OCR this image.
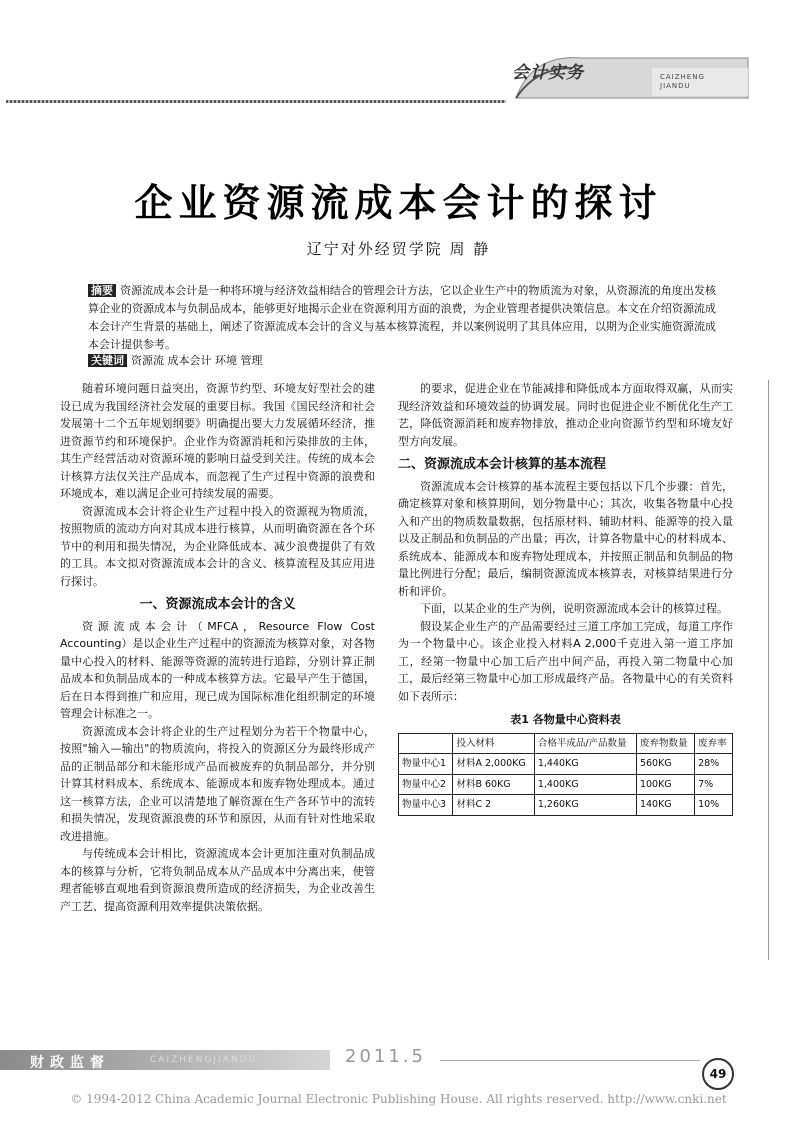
会计实务	CAIZHENG
JIANDU
企业资源流成本会计的探讨
辽宁对外经贸学院 周 静
摘要 资源流成本会计是一种将环境与经济效益相结合的管理会计方法，它以企业生产中的物质流为对象，从资源流的角度出发核算企业的资源成本与负制品成本，能够更好地揭示企业在资源利用方面的浪费，为企业管理者提供决策信息。本文在介绍资源流成本会计产生背景的基础上，阐述了资源流成本会计的含义与基本核算流程，并以案例说明了其具体应用，以期为企业实施资源流成本会计提供参考。
关键词 资源流 成本会计 环境 管理

随着环境问题日益突出，资源节约型、环境友好型社会的建设已成为我国经济社会发展的重要目标。我国《国民经济和社会发展第十二个五年规划纲要》明确提出要大力发展循环经济，推进资源节约和环境保护。企业作为资源消耗和污染排放的主体，其生产经营活动对资源环境的影响日益受到关注。传统的成本会计核算方法仅关注产品成本，而忽视了生产过程中资源的浪费和环境成本，难以满足企业可持续发展的需要。

资源流成本会计将企业生产过程中投入的资源视为物质流，按照物质的流动方向对其成本进行核算，从而明确资源在各个环节中的利用和损失情况，为企业降低成本、减少浪费提供了有效的工具。本文拟对资源流成本会计的含义、核算流程及其应用进行探讨。

一、资源流成本会计的含义

资源流成本会计（MFCA，Resource Flow Cost Accounting）是以企业生产过程中的资源流为核算对象，对各物量中心投入的材料、能源等资源的流转进行追踪，分别计算正制品成本和负制品成本的一种成本核算方法。它最早产生于德国，后在日本得到推广和应用，现已成为国际标准化组织制定的环境管理会计标准之一。

资源流成本会计将企业的生产过程划分为若干个物量中心，按照"输入—输出"的物质流向，将投入的资源区分为最终形成产品的正制品部分和未能形成产品而被废弃的负制品部分，并分别计算其材料成本、系统成本、能源成本和废弃物处理成本。通过这一核算方法，企业可以清楚地了解资源在生产各环节中的流转和损失情况，发现资源浪费的环节和原因，从而有针对性地采取改进措施。

与传统成本会计相比，资源流成本会计更加注重对负制品成本的核算与分析，它将负制品成本从产品成本中分离出来，使管理者能够直观地看到资源浪费所造成的经济损失，为企业改善生产工艺、提高资源利用效率提供决策依据。

的要求，促进企业在节能减排和降低成本方面取得双赢，从而实现经济效益和环境效益的协调发展。同时也促进企业不断优化生产工艺，降低资源消耗和废弃物排放，推动企业向资源节约型和环境友好型方向发展。

二、资源流成本会计核算的基本流程

资源流成本会计核算的基本流程主要包括以下几个步骤：首先，确定核算对象和核算期间，划分物量中心；其次，收集各物量中心投入和产出的物质数量数据，包括原材料、辅助材料、能源等的投入量以及正制品和负制品的产出量；再次，计算各物量中心的材料成本、系统成本、能源成本和废弃物处理成本，并按照正制品和负制品的物量比例进行分配；最后，编制资源流成本核算表，对核算结果进行分析和评价。

下面，以某企业的生产为例，说明资源流成本会计的核算过程。

假设某企业生产的产品需要经过三道工序加工完成，每道工序作为一个物量中心。该企业投入材料A 2,000千克进入第一道工序加工，经第一物量中心加工后产出中间产品，再投入第二物量中心加工，最后经第三物量中心加工形成最终产品。各物量中心的有关资料如下表所示：

表1 各物量中心资料表
	投入材料	合格半成品/产品数量	废弃物数量	废弃率
物量中心1	材料A 2,000KG	1,440KG	560KG	28%
物量中心2	材料B 60KG	1,400KG	100KG	7%
物量中心3	材料C 2	1,260KG	140KG	10%
财政监督	CAIZHENGJIANDU	2011.5
49
© 1994-2012 China Academic Journal Electronic Publishing House. All rights reserved. http://www.cnki.net
